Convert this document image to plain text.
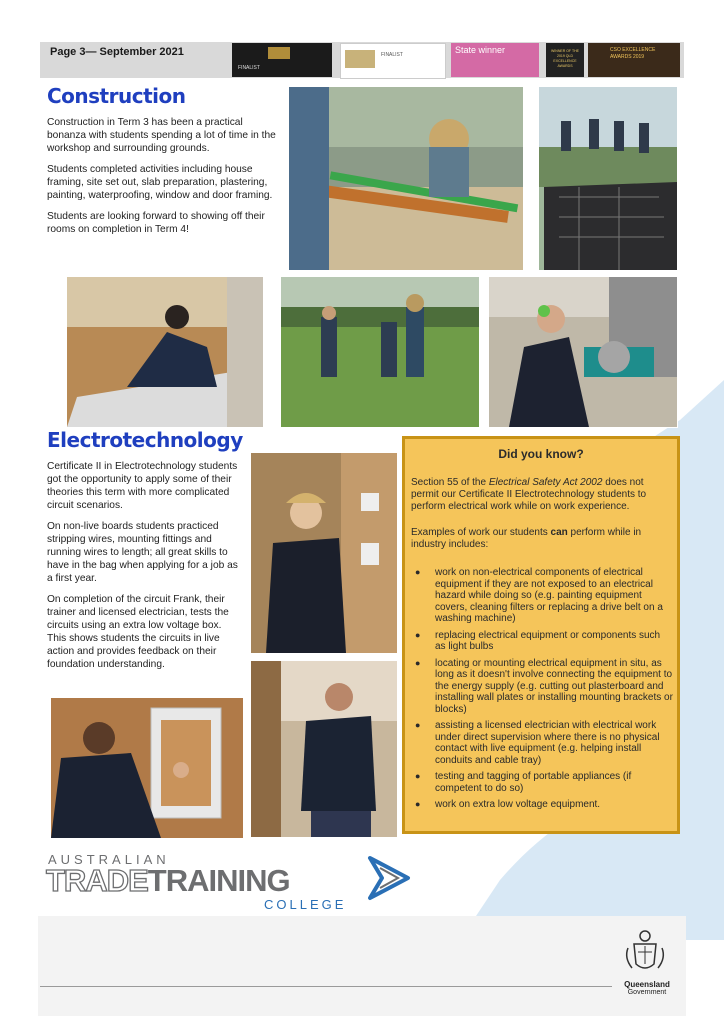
Page 3— September 2021
FINALIST
FINALIST	State winner	WINNER OF THE 2019 QLD EXCELLENCE AWARDS
CSO EXCELLENCE AWARDS 2019
Construction

Construction in Term 3 has been a practical bonanza with students spending a lot of time in the workshop and surrounding grounds.

Students completed activities including house framing, site set out, slab preparation, plastering, painting, waterproofing, window and door framing.

Students are looking forward to showing off their rooms on completion in Term 4!

Electrotechnology

Certificate II in Electrotechnology students got the opportunity to apply some of their theories this term with more complicated circuit scenarios.

On non-live boards students practiced stripping wires, mounting fittings and running wires to length; all great skills to have in the bag when applying for a job as a first year.

On completion of the circuit Frank, their trainer and licensed electrician, tests the circuits using an extra low voltage box. This shows students the circuits in live action and provides feedback on their foundation understanding.

Did you know?

Section 55 of the Electrical Safety Act 2002 does not permit our Certificate II Electrotechnology students to perform electrical work while on work experience.

Examples of work our students can perform while in industry includes:

● work on non-electrical components of electrical equipment if they are not exposed to an electrical hazard while doing so (e.g. painting equipment covers, cleaning filters or replacing a drive belt on a washing machine)
● replacing electrical equipment or components such as light bulbs
● locating or mounting electrical equipment in situ, as long as it doesn't involve connecting the equipment to the energy supply (e.g. cutting out plasterboard and installing wall plates or installing mounting brackets or blocks)
● assisting a licensed electrician with electrical work under direct supervision where there is no physical contact with live equipment (e.g. helping install conduits and cable tray)
● testing and tagging of portable appliances (if competent to do so)
● work on extra low voltage equipment.
AUSTRALIAN
TRADETRAINING
COLLEGE
Queensland
Government
